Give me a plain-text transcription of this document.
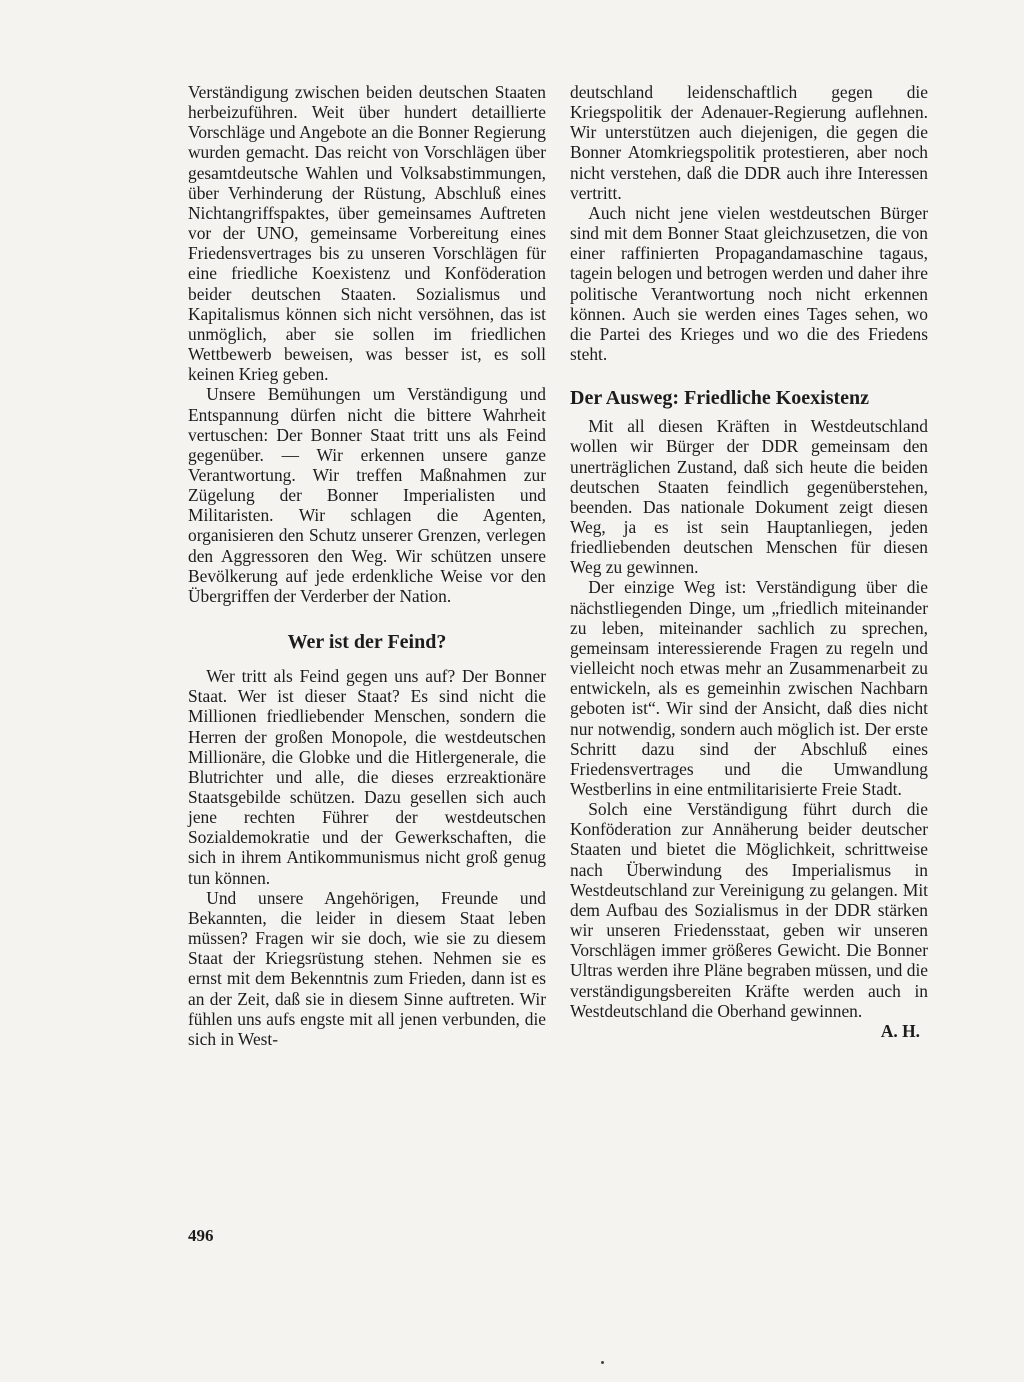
Verständigung zwischen beiden deutschen Staaten herbeizuführen. Weit über hundert detaillierte Vorschläge und Angebote an die Bonner Regierung wurden gemacht. Das reicht von Vorschlägen über gesamtdeutsche Wahlen und Volksabstimmungen, über Verhinderung der Rüstung, Abschluß eines Nichtangriffspaktes, über gemeinsames Auftreten vor der UNO, gemeinsame Vorbereitung eines Friedensvertrages bis zu unseren Vorschlägen für eine friedliche Koexistenz und Konföderation beider deutschen Staaten. Sozialismus und Kapitalismus können sich nicht versöhnen, das ist unmöglich, aber sie sollen im friedlichen Wettbewerb beweisen, was besser ist, es soll keinen Krieg geben.

Unsere Bemühungen um Verständigung und Entspannung dürfen nicht die bittere Wahrheit vertuschen: Der Bonner Staat tritt uns als Feind gegenüber. — Wir erkennen unsere ganze Verantwortung. Wir treffen Maßnahmen zur Zügelung der Bonner Imperialisten und Militaristen. Wir schlagen die Agenten, organisieren den Schutz unserer Grenzen, verlegen den Aggressoren den Weg. Wir schützen unsere Bevölkerung auf jede erdenkliche Weise vor den Übergriffen der Verderber der Nation.

Wer ist der Feind?

Wer tritt als Feind gegen uns auf? Der Bonner Staat. Wer ist dieser Staat? Es sind nicht die Millionen friedliebender Menschen, sondern die Herren der großen Monopole, die westdeutschen Millionäre, die Globke und die Hitlergenerale, die Blutrichter und alle, die dieses erzreaktionäre Staatsgebilde schützen. Dazu gesellen sich auch jene rechten Führer der westdeutschen Sozialdemokratie und der Gewerkschaften, die sich in ihrem Antikommunismus nicht groß genug tun können.

Und unsere Angehörigen, Freunde und Bekannten, die leider in diesem Staat leben müssen? Fragen wir sie doch, wie sie zu diesem Staat der Kriegsrüstung stehen. Nehmen sie es ernst mit dem Bekenntnis zum Frieden, dann ist es an der Zeit, daß sie in diesem Sinne auftreten. Wir fühlen uns aufs engste mit all jenen verbunden, die sich in West-

deutschland leidenschaftlich gegen die Kriegspolitik der Adenauer-Regierung auflehnen. Wir unterstützen auch diejenigen, die gegen die Bonner Atomkriegspolitik protestieren, aber noch nicht verstehen, daß die DDR auch ihre Interessen vertritt.

Auch nicht jene vielen westdeutschen Bürger sind mit dem Bonner Staat gleichzusetzen, die von einer raffinierten Propagandamaschine tagaus, tagein belogen und betrogen werden und daher ihre politische Verantwortung noch nicht erkennen können. Auch sie werden eines Tages sehen, wo die Partei des Krieges und wo die des Friedens steht.

Der Ausweg: Friedliche Koexistenz

Mit all diesen Kräften in Westdeutschland wollen wir Bürger der DDR gemeinsam den unerträglichen Zustand, daß sich heute die beiden deutschen Staaten feindlich gegenüberstehen, beenden. Das nationale Dokument zeigt diesen Weg, ja es ist sein Hauptanliegen, jeden friedliebenden deutschen Menschen für diesen Weg zu gewinnen.

Der einzige Weg ist: Verständigung über die nächstliegenden Dinge, um „friedlich miteinander zu leben, miteinander sachlich zu sprechen, gemeinsam interessierende Fragen zu regeln und vielleicht noch etwas mehr an Zusammenarbeit zu entwickeln, als es gemeinhin zwischen Nachbarn geboten ist“. Wir sind der Ansicht, daß dies nicht nur notwendig, sondern auch möglich ist. Der erste Schritt dazu sind der Abschluß eines Friedensvertrages und die Umwandlung Westberlins in eine entmilitarisierte Freie Stadt.

Solch eine Verständigung führt durch die Konföderation zur Annäherung beider deutscher Staaten und bietet die Möglichkeit, schrittweise nach Überwindung des Imperialismus in Westdeutschland zur Vereinigung zu gelangen. Mit dem Aufbau des Sozialismus in der DDR stärken wir unseren Friedensstaat, geben wir unseren Vorschlägen immer größeres Gewicht. Die Bonner Ultras werden ihre Pläne begraben müssen, und die verständigungsbereiten Kräfte werden auch in Westdeutschland die Oberhand gewinnen.

A. H.
496
